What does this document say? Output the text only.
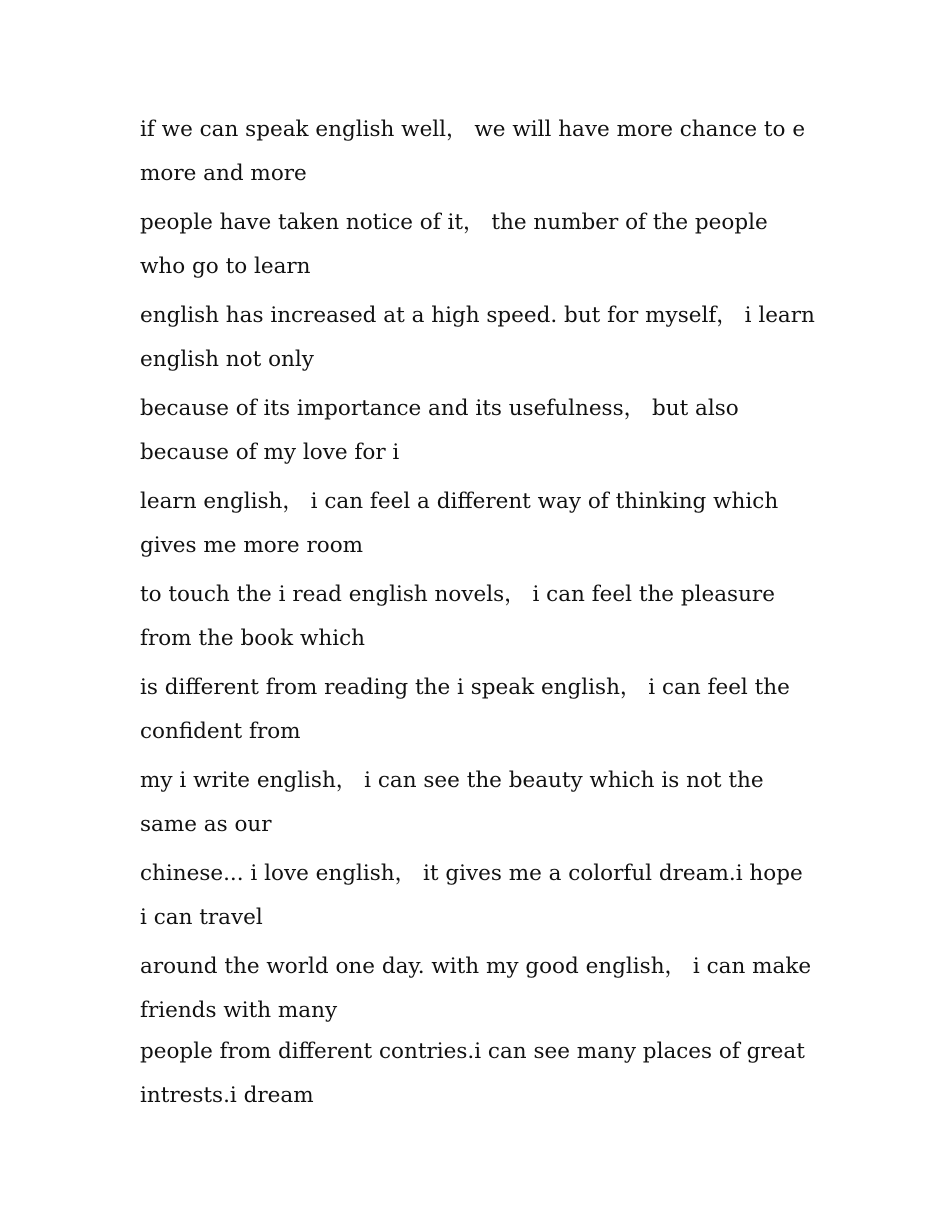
if we can speak english well， we will have more chance to e more and more

people have taken notice of it， the number of the people who go to learn

english has increased at a high speed. but for myself， i learn english not only

because of its importance and its usefulness， but also because of my love for i

learn english， i can feel a different way of thinking which gives me more room

to touch the i read english novels， i can feel the pleasure from the book which

is different from reading the i speak english， i can feel the confident from

my i write english， i can see the beauty which is not the same as our

chinese... i love english， it gives me a colorful dream.i hope i can travel

around the world one day. with my good english， i can make friends with many

people from different contries.i can see many places of great intrests.i dream
